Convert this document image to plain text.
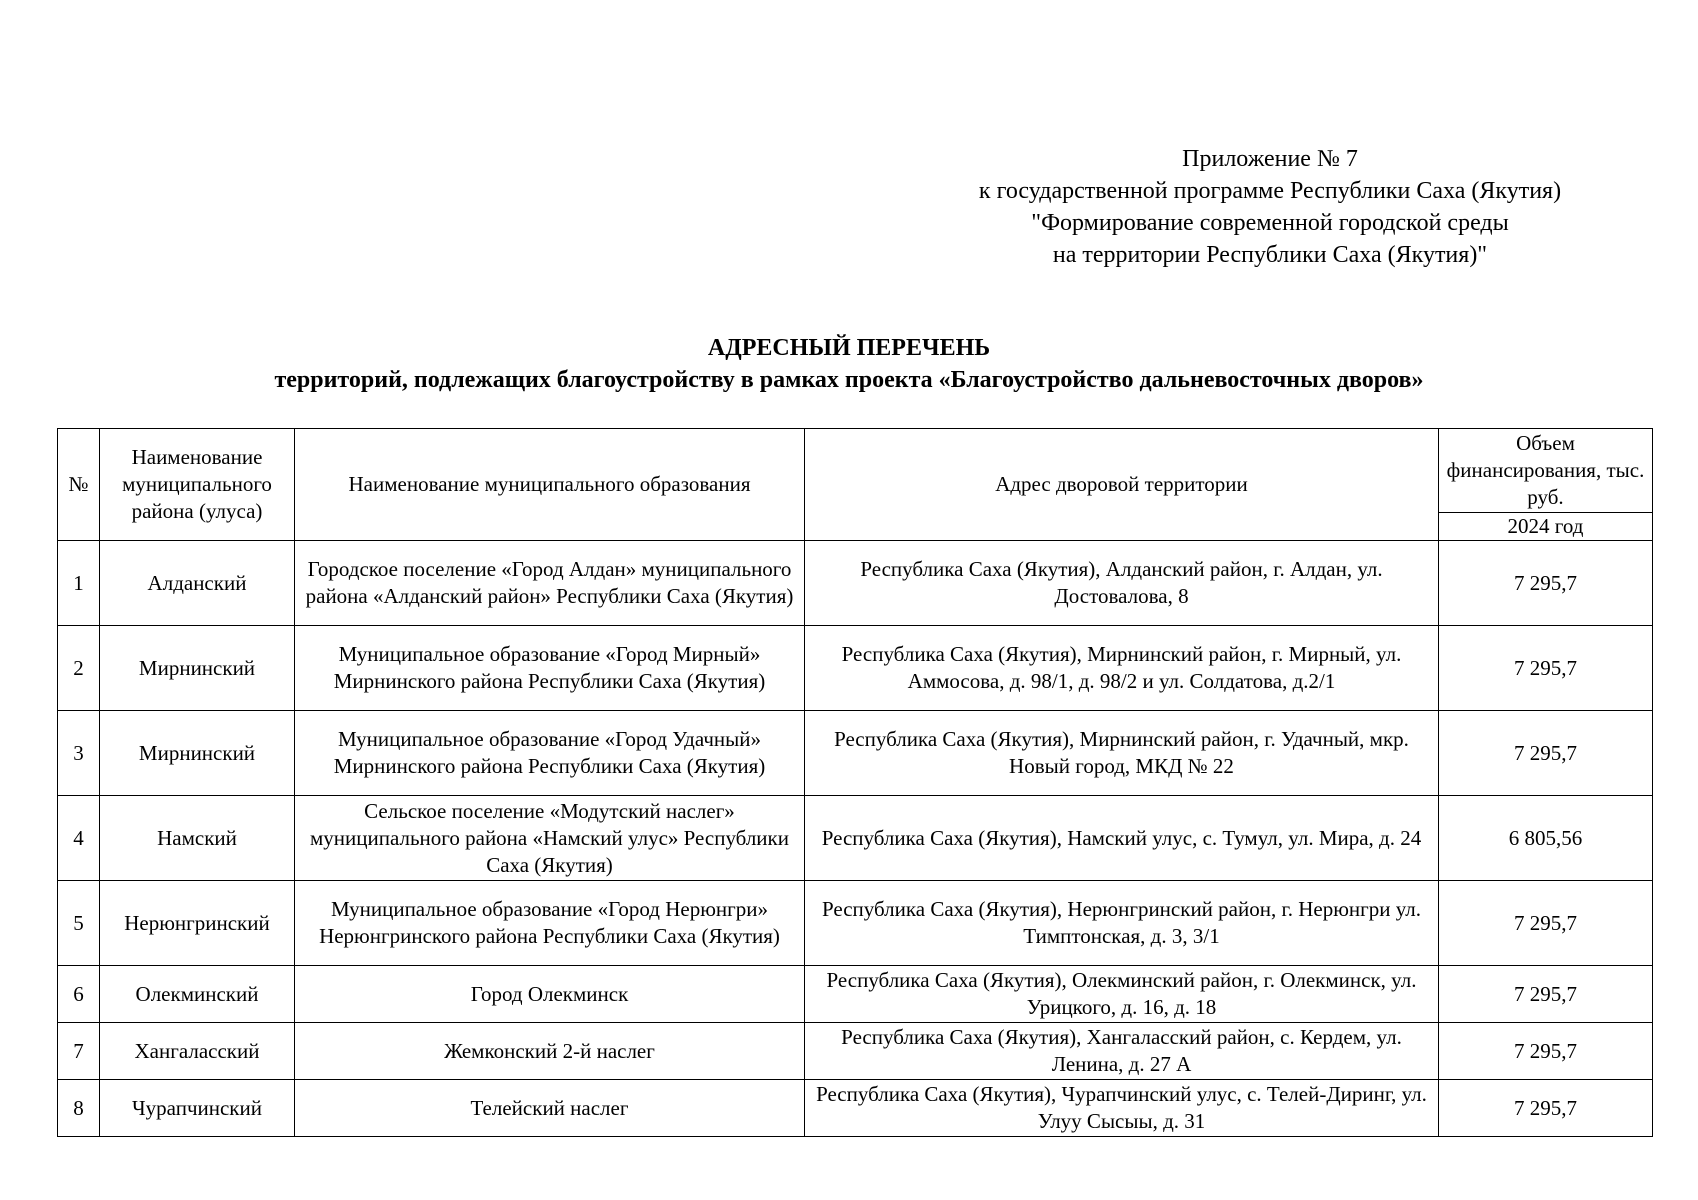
Приложение № 7
к государственной программе Республики Саха (Якутия)
"Формирование современной городской среды
на территории Республики Саха (Якутия)"
АДРЕСНЫЙ ПЕРЕЧЕНЬ
территорий, подлежащих благоустройству в рамках проекта «Благоустройство дальневосточных дворов»
№	Наименование муниципального района (улуса)	Наименование муниципального образования	Адрес дворовой территории	Объем финансирования, тыс. руб.
				2024 год
1	Алданский	Городское поселение «Город Алдан» муниципального района «Алданский район» Республики Саха (Якутия)	Республика Саха (Якутия), Алданский район, г. Алдан, ул. Достовалова, 8	7 295,7
2	Мирнинский	Муниципальное образование «Город Мирный» Мирнинского района Республики Саха (Якутия)	Республика Саха (Якутия), Мирнинский район, г. Мирный, ул. Аммосова, д. 98/1, д. 98/2 и ул. Солдатова, д.2/1	7 295,7
3	Мирнинский	Муниципальное образование «Город Удачный» Мирнинского района Республики Саха (Якутия)	Республика Саха (Якутия), Мирнинский район, г. Удачный, мкр. Новый город, МКД № 22	7 295,7
4	Намский	Сельское поселение «Модутский наслег» муниципального района «Намский улус» Республики Саха (Якутия)	Республика Саха (Якутия), Намский улус, с. Тумул, ул. Мира, д. 24	6 805,56
5	Нерюнгринский	Муниципальное образование «Город Нерюнгри» Нерюнгринского района Республики Саха (Якутия)	Республика Саха (Якутия), Нерюнгринский район, г. Нерюнгри ул. Тимптонская, д. 3, 3/1	7 295,7
6	Олекминский	Город Олекминск	Республика Саха (Якутия), Олекминский район, г. Олекминск, ул. Урицкого, д. 16, д. 18	7 295,7
7	Хангаласский	Жемконский 2-й наслег	Республика Саха (Якутия), Хангаласский район, с. Кердем, ул. Ленина, д. 27 А	7 295,7
8	Чурапчинский	Телейский наслег	Республика Саха (Якутия), Чурапчинский улус, с. Телей-Диринг, ул. Улуу Сысыы, д. 31	7 295,7
